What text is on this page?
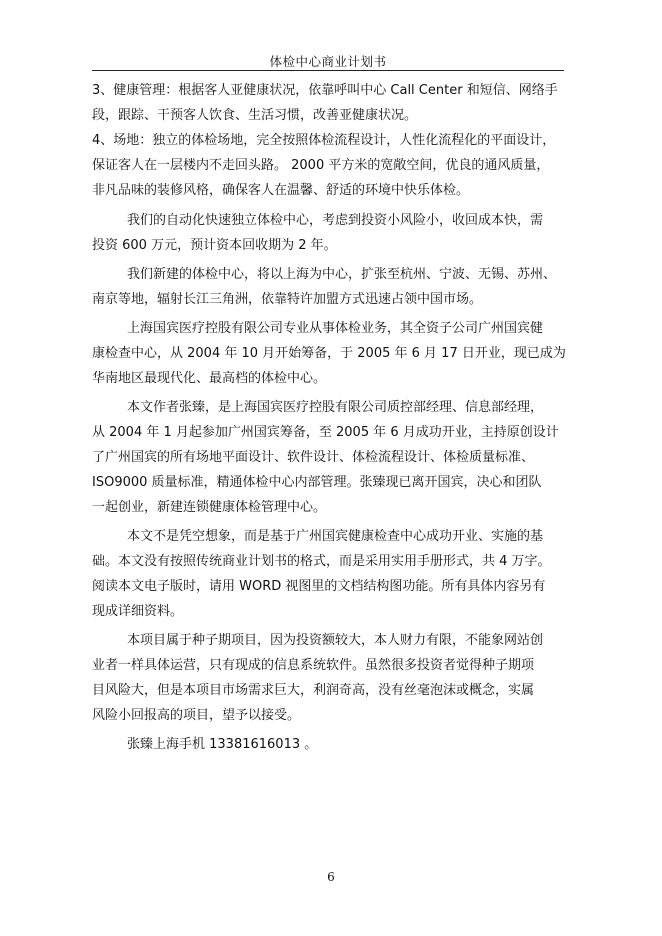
体检中心商业计划书
3、健康管理：根据客人亚健康状况，依靠呼叫中心 Call Center 和短信、网络手
段，跟踪、干预客人饮食、生活习惯，改善亚健康状况。
4、场地：独立的体检场地，完全按照体检流程设计，人性化流程化的平面设计，
保证客人在一层楼内不走回头路。 2000 平方米的宽敞空间，优良的通风质量，
非凡品味的装修风格，确保客人在温馨、舒适的环境中快乐体检。
我们的自动化快速独立体检中心，考虑到投资小风险小，收回成本快，需
投资 600 万元，预计资本回收期为 2 年。
我们新建的体检中心，将以上海为中心，扩张至杭州、宁波、无锡、苏州、
南京等地，辐射长江三角洲，依靠特许加盟方式迅速占领中国市场。
上海国宾医疗控股有限公司专业从事体检业务，其全资子公司广州国宾健
康检查中心，从 2004 年 10 月开始筹备，于 2005 年 6 月 17 日开业，现已成为
华南地区最现代化、最高档的体检中心。
本文作者张臻，是上海国宾医疗控股有限公司质控部经理、信息部经理，
从 2004 年 1 月起参加广州国宾筹备，至 2005 年 6 月成功开业，主持原创设计
了广州国宾的所有场地平面设计、软件设计、体检流程设计、体检质量标准、
ISO9000 质量标准，精通体检中心内部管理。张臻现已离开国宾，决心和团队
一起创业，新建连锁健康体检管理中心。
本文不是凭空想象，而是基于广州国宾健康检查中心成功开业、实施的基
础。本文没有按照传统商业计划书的格式，而是采用实用手册形式，共 4 万字。
阅读本文电子版时，请用 WORD 视图里的文档结构图功能。所有具体内容另有
现成详细资料。
本项目属于种子期项目，因为投资额较大，本人财力有限，不能象网站创
业者一样具体运营，只有现成的信息系统软件。虽然很多投资者觉得种子期项
目风险大，但是本项目市场需求巨大，利润奇高，没有丝毫泡沫或概念，实属
风险小回报高的项目，望予以接受。
张臻上海手机 13381616013 。
6
